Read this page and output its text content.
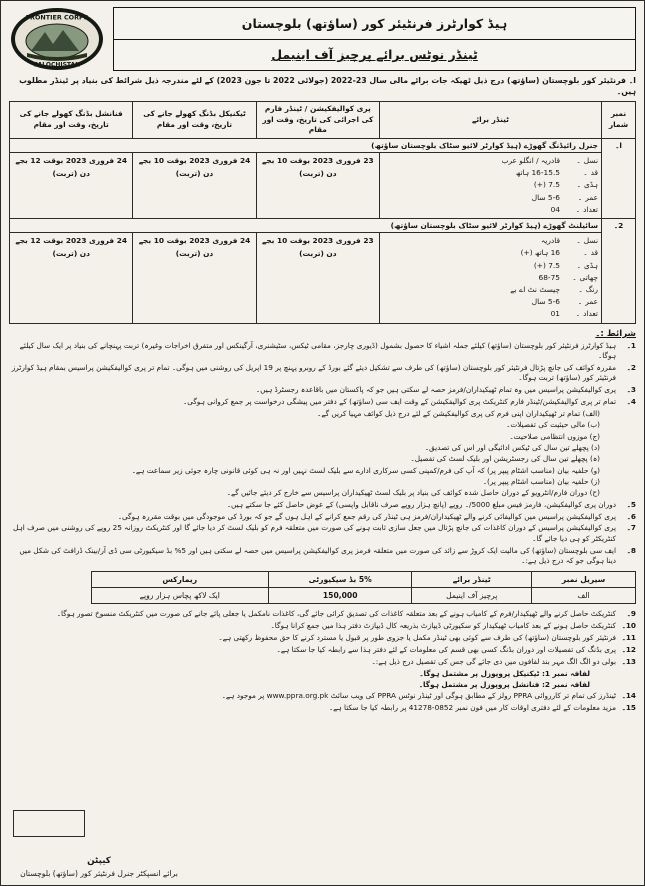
FRONTIER CORPS
PALOCHISTAN
ہیڈ کوارٹرز فرنٹیئر کور (ساؤتھ) بلوچستان
ٹینڈر نوٹس برائے پرچیز آف اینیمل
ا۔ فرنٹیئر کور بلوچستان (ساؤتھ) درج ذیل ٹھیکہ جات برائے مالی سال 23-2022 (جولائی 2022 تا جون 2023) کے لئے مندرجہ ذیل شرائط کی بنیاد پر ٹینڈر مطلوب ہیں۔
نمبر شمار	ٹینڈر برائے	پری کوالیفکیشن / ٹینڈر فارم کی اجرائی کی تاریخ، وقت اور مقام	ٹیکنیکل بڈنگ کھولے جانے کی تاریخ، وقت اور مقام	فنانشل بڈنگ کھولے جانے کی تاریخ، وقت اور مقام
ا۔	جنرل رائیڈنگ گھوڑے (ہیڈ کوارٹر لائیو سٹاک بلوچستان ساؤتھ)			

نسل ۔
قادریہ / انگلو عرب
قد ۔
16-15.5 ہاتھ
ہڈی ۔
7.5 (+)
عمر ۔
5-6 سال
تعداد ۔
04
	23 فروری 2023 بوقت 10 بجے دن (تربت)	24 فروری 2023 بوقت 10 بجے دن (تربت)	24 فروری 2023 بوقت 12 بجے دن (تربت)
2۔	سائیلنٹ گھوڑے (ہیڈ کوارٹر لائیو سٹاک بلوچستان ساؤتھ)			

نسل ۔
قادریہ
قد ۔
16 ہاتھ (+)
ہڈی ۔
7.5 (+)
چھاتی ۔
68-75
رنگ ۔
چیسٹ نٹ اے بے
عمر ۔
5-6 سال
تعداد ۔
01
	23 فروری 2023 بوقت 10 بجے دن (تربت)	24 فروری 2023 بوقت 10 بجے دن (تربت)	24 فروری 2023 بوقت 12 بجے دن (تربت)
شرائط :۔
1۔
ہیڈ کوارٹرز فرنٹیئر کور بلوچستان (ساؤتھ) کیلئے جملہ اشیاء کا حصول بشمول (ڈیوری چارجز، مقامی ٹیکس، سٹیشنری، آرگینکس اور متفرق اخراجات وغیرہ) تربت پہنچانے کی بنیاد پر ایک سال کیلئے ہوگا۔
2۔
مقررہ کوائف کی جانچ پڑتال فرنٹیئر کور بلوچستان (ساؤتھ) کی طرف سے تشکیل دیئے گئے بورڈ کے روبرو پہنچ پر 19 اپریل کی روشنی میں ہوگی۔ تمام تر پری کوالیفکیشن پراسیس بمقام ہیڈ کوارٹرز فرنٹیئر کور (ساؤتھ) تربت ہوگا۔
3۔
پری کوالیفکیشن پراسیس میں وہ تمام ٹھیکیداران/فرمز حصہ لے سکتی ہیں جو کہ پاکستان میں باقاعدہ رجسٹرڈ ہیں۔
4۔
تمام تر پری کوالیفکیشن/ٹینڈر فارم کنٹریکٹ پری کوالیفکیشن کے وقت ایف سی (ساؤتھ) کے دفتر میں پیشگی درخواست پر جمع کروانی ہوگی۔
(الف) تمام تر ٹھیکیداران اپنی فرم کی پری کوالیفکیشن کے لئے درج ذیل کوائف مہیا کریں گے۔
(ب) مالی حیثیت کی تفصیلات۔
(ج) موزوں انتظامی صلاحیت۔
(د) پچھلے تین سال کی ٹیکس ادائیگی اور اس کی تصدیق۔
(ہ) پچھلے تین سال کی رجسٹریشن اور بلیک لسٹ کی تفصیل۔
(و) حلفیہ بیان (مناسب اشٹام پیپر پر) کہ آپ کی فرم/کمپنی کسی سرکاری ادارے سے بلیک لسٹ نہیں اور نہ ہی کوئی قانونی چارہ جوئی زیر سماعت ہے۔
(ز) حلفیہ بیان (مناسب اشٹام پیپر پر)۔
(ح) دوران فارم/انٹرویو کے دوران حاصل شدہ کوائف کی بنیاد پر بلیک لسٹ ٹھیکیداران پراسیس سے خارج کر دیئے جائیں گے۔
5۔
دوران پری کوالیفکیشن، فارمز فیس مبلغ 5000/۔ روپے (پانچ ہزار روپے صرف ناقابل واپسی) کے عوض حاصل کئے جا سکتے ہیں۔
6۔
پری کوالیفکیشن پراسیس میں کوالیفائی کرنے والے ٹھیکیداران/فرمز ہی ٹینڈر کی رقم جمع کرانے کے اہل ہوں گے جو کہ بورڈ کی موجودگی میں بوقت مقررہ ہوگی۔
7۔
پری کوالیفکیشن پراسیس کے دوران کاغذات کی جانچ پڑتال میں جعل سازی ثابت ہونے کی صورت میں متعلقہ فرم کو بلیک لسٹ کر دیا جائے گا اور کنٹریکٹ روزانہ 25 روپے کی روشنی میں صرف اہل کنٹریکٹر کو ہی دیا جائے گا۔
8۔
ایف سی بلوچستان (ساؤتھ) کی مالیت ایک کروڑ سے زائد کی صورت میں متعلقہ فرمز پری کوالیفکیشن پراسیس میں حصہ لے سکتی ہیں اور 5% بڈ سیکیورٹی سی ڈی آر/بینک ڈرافٹ کی شکل میں دینا ہوگی جو کہ درج ذیل ہے:۔
سیریل نمبر	ٹینڈر برائے	5% بڈ سیکیورٹی	ریمارکس
الف	پرچیز آف اینیمل	150,000	ایک لاکھ پچاس ہزار روپے
9۔
کنٹریکٹ حاصل کرنے والے ٹھیکیدار/فرم کے کامیاب ہونے کے بعد متعلقہ کاغذات کی تصدیق کرائی جائے گی، کاغذات نامکمل یا جعلی پائے جانے کی صورت میں کنٹریکٹ منسوخ تصور ہوگا۔
10۔
کنٹریکٹ حاصل ہونے کے بعد کامیاب ٹھیکیدار کو سکیورٹی ڈیپازٹ بذریعہ کال ڈیپازٹ دفتر ہذا میں جمع کرانا ہوگا۔
11۔
فرنٹیئر کور بلوچستان (ساؤتھ) کی طرف سے کوئی بھی ٹینڈر مکمل یا جزوی طور پر قبول یا مسترد کرنے کا حق محفوظ رکھتی ہے۔
12۔
پری بڈنگ کی تفصیلات اور دوران بڈنگ کسی بھی قسم کی معلومات کے لئے دفتر ہذا سے رابطہ کیا جا سکتا ہے۔
13۔
بولی دو الگ الگ مہر بند لفافوں میں دی جائے گی جس کی تفصیل درج ذیل ہے:۔
لفافہ نمبر 1: ٹیکنیکل پروپوزل پر مشتمل ہوگا۔
لفافہ نمبر 2: فنانشل پروپوزل پر مشتمل ہوگا۔
14۔
ٹینڈرز کی تمام تر کارروائی PPRA رولز کے مطابق ہوگی اور ٹینڈر نوٹس PPRA کی ویب سائٹ www.ppra.org.pk پر موجود ہے۔
15۔
مزید معلومات کے لئے دفتری اوقات کار میں فون نمبر 0852-41278 پر رابطہ کیا جا سکتا ہے۔
کیپٹن
برائے انسپکٹر جنرل فرنٹیئر کور (ساؤتھ) بلوچستان
